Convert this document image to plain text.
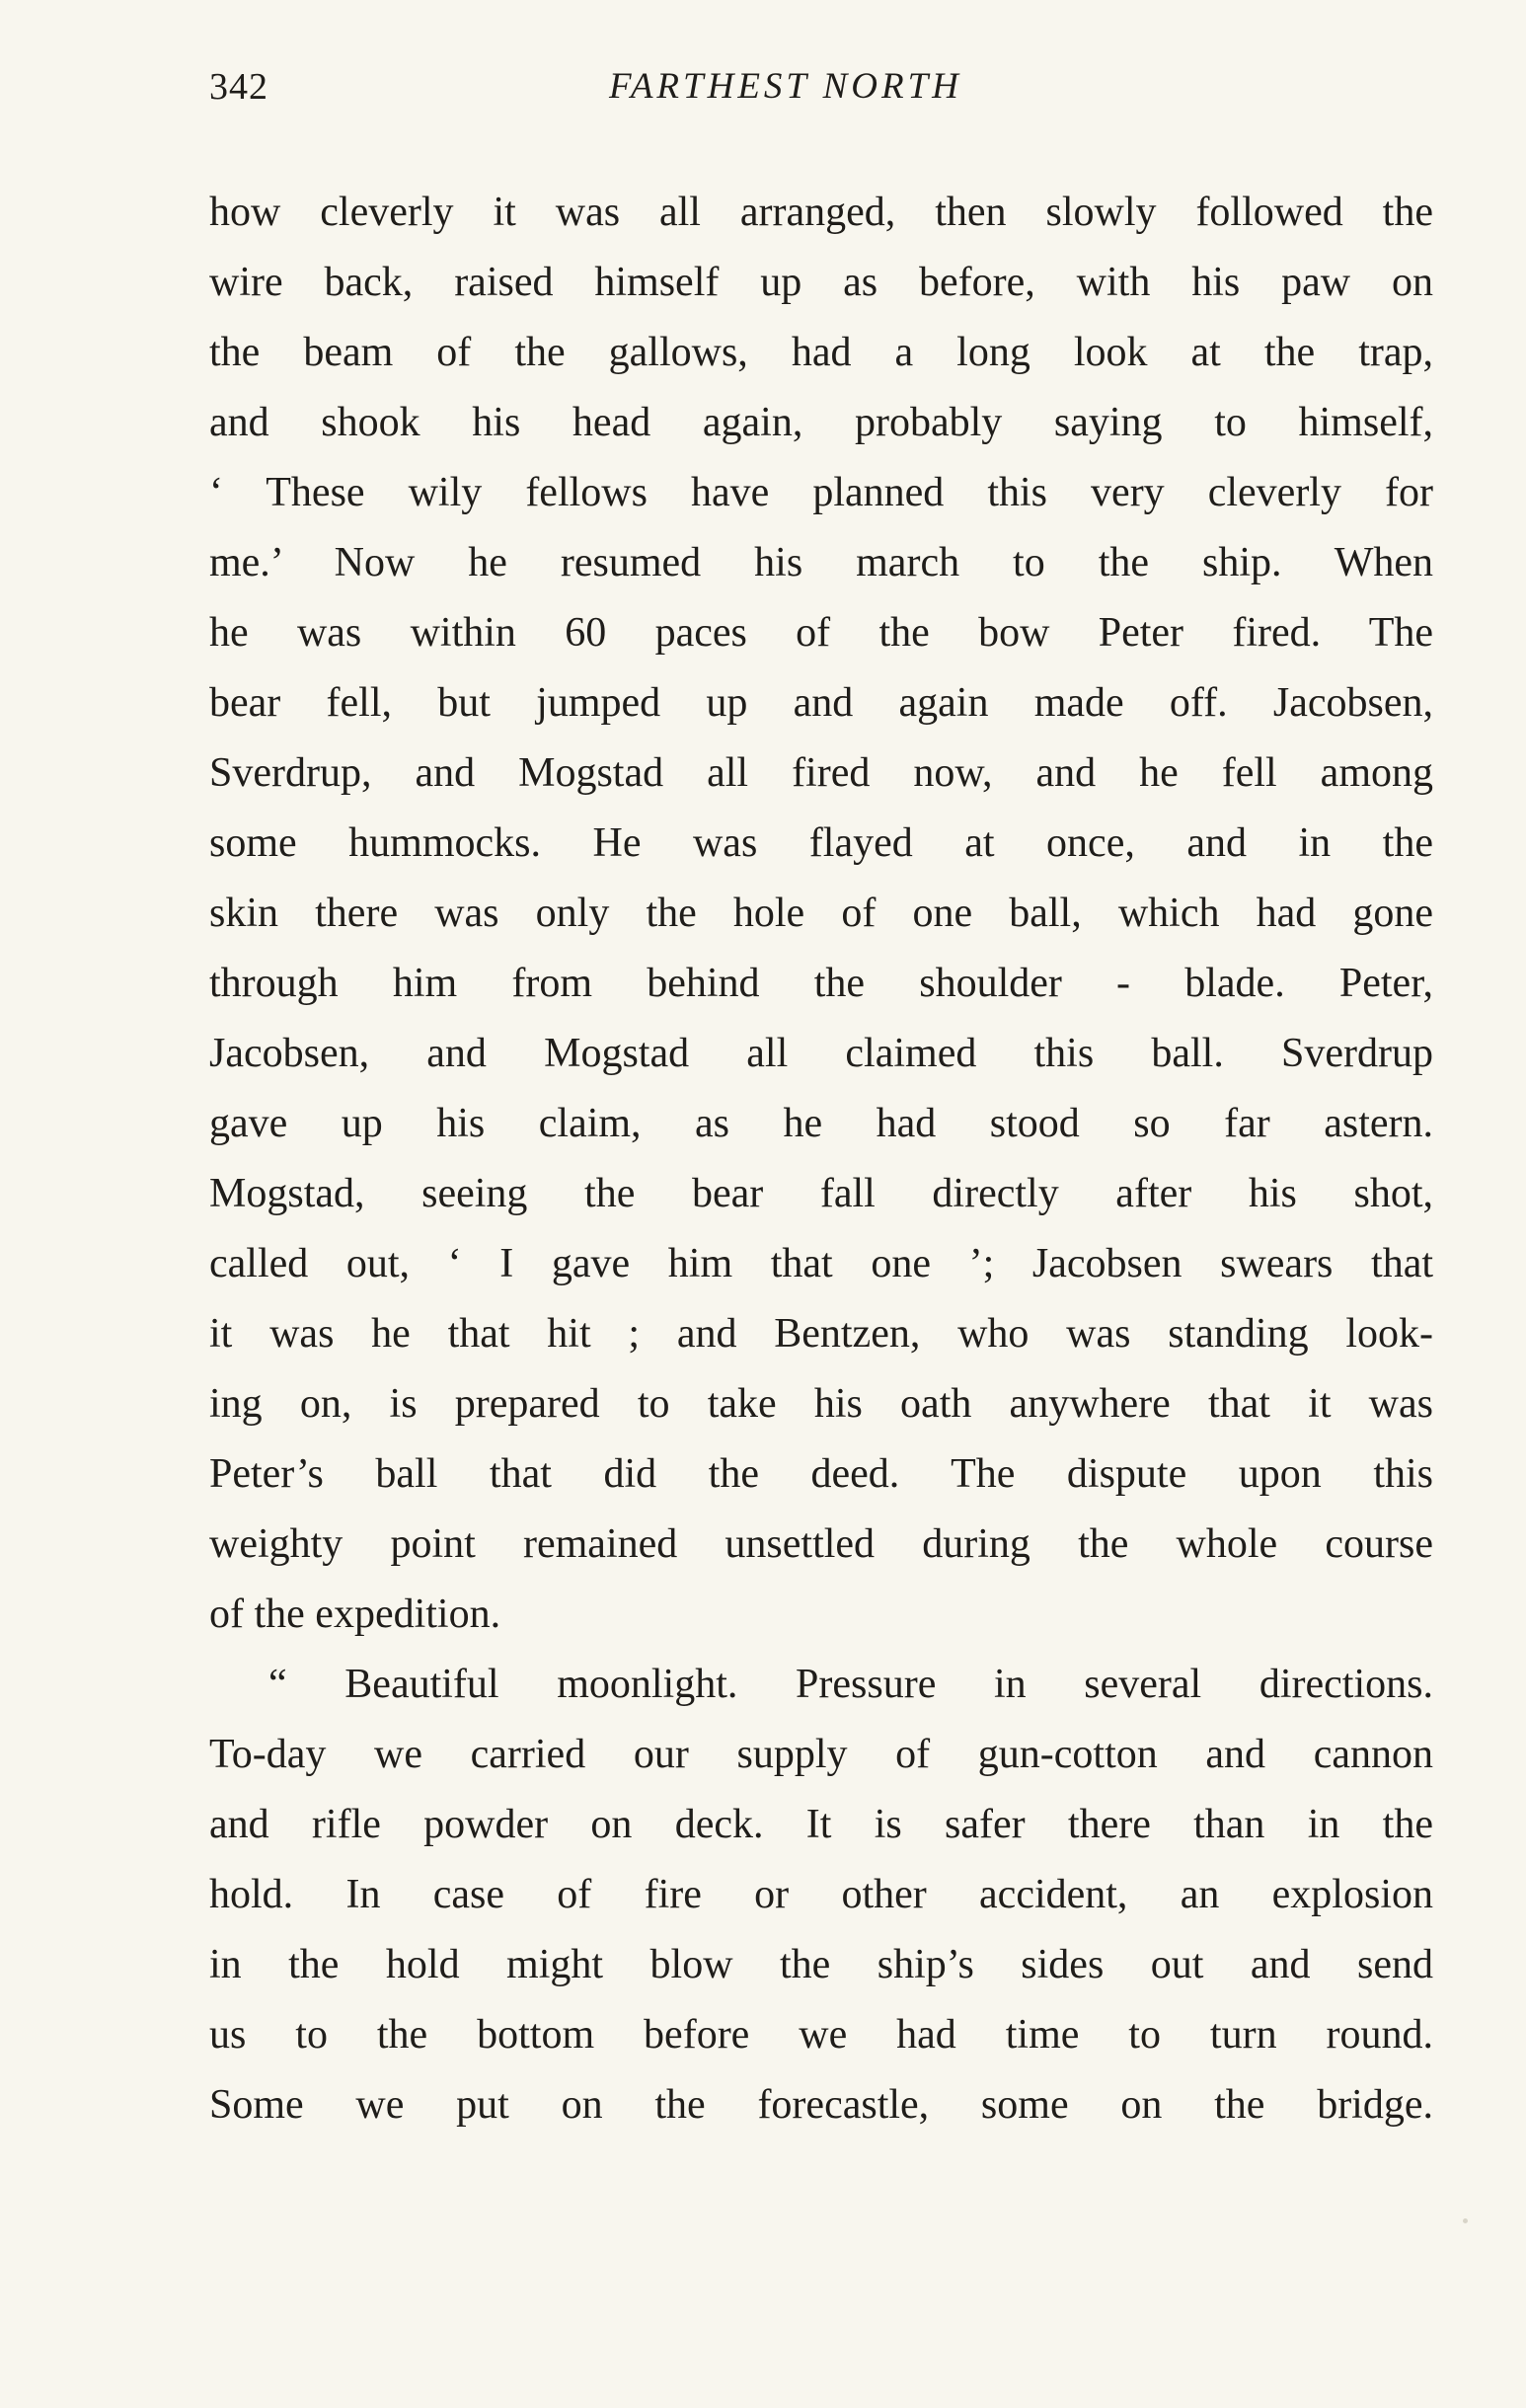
342	FARTHEST NORTH
how cleverly it was all arranged, then slowly followed the
wire back, raised himself up as before, with his paw on
the beam of the gallows, had a long look at the trap,
and shook his head again, probably saying to himself,
‘ These wily fellows have planned this very cleverly for
me.’ Now he resumed his march to the ship. When
he was within 60 paces of the bow Peter fired. The
bear fell, but jumped up and again made off. Jacobsen,
Sverdrup, and Mogstad all fired now, and he fell among
some hummocks. He was flayed at once, and in the
skin there was only the hole of one ball, which had gone
through him from behind the shoulder - blade. Peter,
Jacobsen, and Mogstad all claimed this ball. Sverdrup
gave up his claim, as he had stood so far astern.
Mogstad, seeing the bear fall directly after his shot,
called out, ‘ I gave him that one ’; Jacobsen swears that
it was he that hit ; and Bentzen, who was standing look-
ing on, is prepared to take his oath anywhere that it was
Peter’s ball that did the deed. The dispute upon this
weighty point remained unsettled during the whole course
of the expedition.
“ Beautiful moonlight. Pressure in several directions.
To-day we carried our supply of gun-cotton and cannon
and rifle powder on deck. It is safer there than in the
hold. In case of fire or other accident, an explosion
in the hold might blow the ship’s sides out and send
us to the bottom before we had time to turn round.
Some we put on the forecastle, some on the bridge.
